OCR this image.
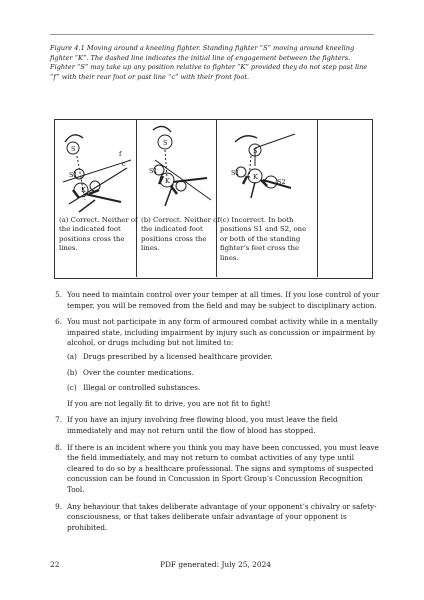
Figure 4.1 Moving around a kneeling fighter. Standing fighter “S” moving around kneeling fighter “K”. The dashed line indicates the initial line of engagement between the fighters. Fighter “S” may take up any position relative to fighter “K” provided they do not step past line “f” with their rear foot or past line “c” with their front foot.

S
S1
K
f
c
S
S1
K
S
S1 K
S2
(a) Correct. Neither of the indicated foot positions cross the lines.
(b) Correct. Neither of the indicated foot positions cross the lines.
(c) Incorrect. In both positions S1 and S2, one or both of the standing fighter’s feet cross the lines.
5. You need to maintain control over your temper at all times. If you lose control of your temper, you will be removed from the field and may be subject to disciplinary action.
6. You must not participate in any form of armoured combat activity while in a mentally impaired state, including impairment by injury such as concussion or impairment by alcohol, or drugs including but not limited to:
(a) Drugs prescribed by a licensed healthcare provider.
(b) Over the counter medications.
(c) Illegal or controlled substances.
If you are not legally fit to drive, you are not fit to fight!
7. If you have an injury involving free flowing blood, you must leave the field immediately and may not return until the flow of blood has stopped.
8. If there is an incident where you think you may have been concussed, you must leave the field immediately, and may not return to combat activities of any type until cleared to do so by a healthcare professional. The signs and symptoms of suspected concussion can be found in Concussion in Sport Group’s Concussion Recognition Tool.
9. Any behaviour that takes deliberate advantage of your opponent’s chivalry or safety-consciousness, or that takes deliberate unfair advantage of your opponent is prohibited.
22	PDF generated: July 25, 2024
